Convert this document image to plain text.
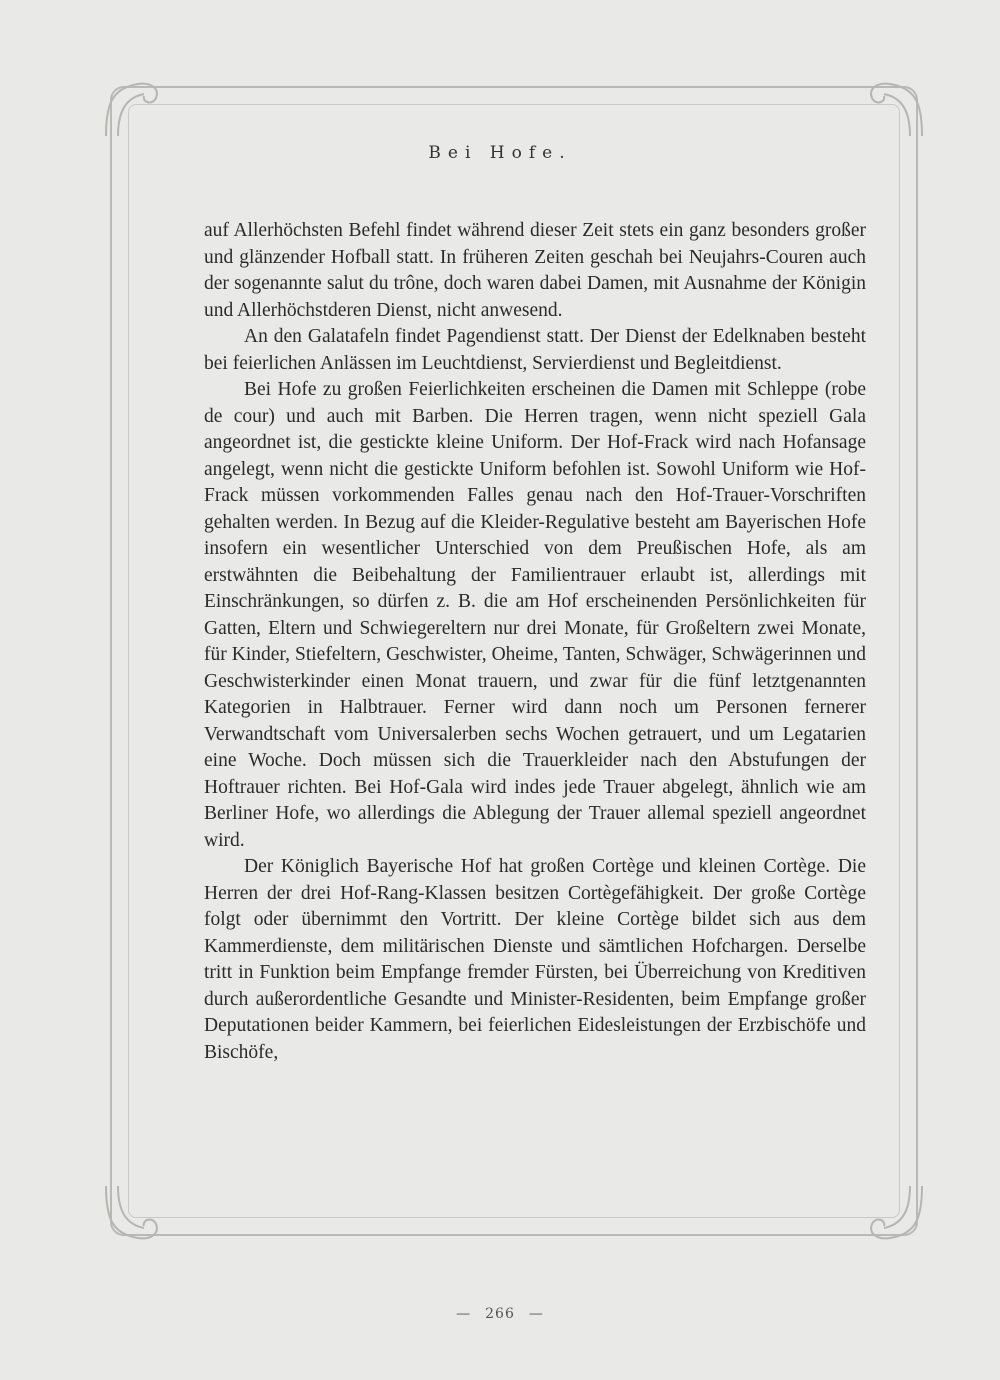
Bei Hofe.

auf Allerhöchsten Befehl findet während dieser Zeit stets ein ganz besonders großer und glänzender Hofball statt. In früheren Zeiten geschah bei Neujahrs-Couren auch der sogenannte salut du trône, doch waren dabei Damen, mit Ausnahme der Königin und Allerhöchstderen Dienst, nicht anwesend.

An den Galatafeln findet Pagendienst statt. Der Dienst der Edelknaben besteht bei feierlichen Anlässen im Leuchtdienst, Servierdienst und Begleitdienst.

Bei Hofe zu großen Feierlichkeiten erscheinen die Damen mit Schleppe (robe de cour) und auch mit Barben. Die Herren tragen, wenn nicht speziell Gala angeordnet ist, die gestickte kleine Uniform. Der Hof-Frack wird nach Hofansage angelegt, wenn nicht die gestickte Uniform befohlen ist. Sowohl Uniform wie Hof-Frack müssen vorkommenden Falles genau nach den Hof-Trauer-Vorschriften gehalten werden. In Bezug auf die Kleider-Regulative besteht am Bayerischen Hofe insofern ein wesentlicher Unterschied von dem Preußischen Hofe, als am erstwähnten die Beibehaltung der Familientrauer erlaubt ist, allerdings mit Einschränkungen, so dürfen z. B. die am Hof erscheinenden Persönlichkeiten für Gatten, Eltern und Schwiegereltern nur drei Monate, für Großeltern zwei Monate, für Kinder, Stiefeltern, Geschwister, Oheime, Tanten, Schwäger, Schwägerinnen und Geschwisterkinder einen Monat trauern, und zwar für die fünf letztgenannten Kategorien in Halbtrauer. Ferner wird dann noch um Personen fernerer Verwandtschaft vom Universalerben sechs Wochen getrauert, und um Legatarien eine Woche. Doch müssen sich die Trauerkleider nach den Abstufungen der Hoftrauer richten. Bei Hof-Gala wird indes jede Trauer abgelegt, ähnlich wie am Berliner Hofe, wo allerdings die Ablegung der Trauer allemal speziell angeordnet wird.

Der Königlich Bayerische Hof hat großen Cortège und kleinen Cortège. Die Herren der drei Hof-Rang-Klassen besitzen Cortègefähigkeit. Der große Cortège folgt oder übernimmt den Vortritt. Der kleine Cortège bildet sich aus dem Kammerdienste, dem militärischen Dienste und sämtlichen Hofchargen. Derselbe tritt in Funktion beim Empfange fremder Fürsten, bei Überreichung von Kreditiven durch außerordentliche Gesandte und Minister-Residenten, beim Empfange großer Deputationen beider Kammern, bei feierlichen Eidesleistungen der Erzbischöfe und Bischöfe,

— 266 —
